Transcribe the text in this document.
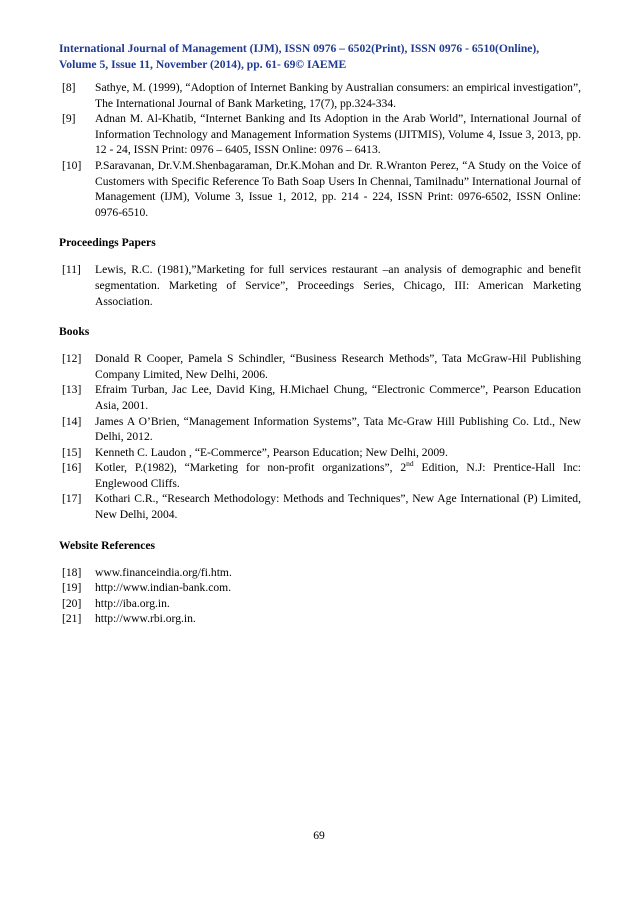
International Journal of Management (IJM), ISSN 0976 – 6502(Print), ISSN 0976 - 6510(Online),
Volume 5, Issue 11, November (2014), pp. 61- 69© IAEME
[8]	Sathye, M. (1999), “Adoption of Internet Banking by Australian consumers: an empirical investigation”, The International Journal of Bank Marketing, 17(7), pp.324-334.
[9]	Adnan M. Al-Khatib, “Internet Banking and Its Adoption in the Arab World”, International Journal of Information Technology and Management Information Systems (IJITMIS), Volume 4, Issue 3, 2013, pp. 12 - 24, ISSN Print: 0976 – 6405, ISSN Online: 0976 – 6413.
[10]	P.Saravanan, Dr.V.M.Shenbagaraman, Dr.K.Mohan and Dr. R.Wranton Perez, “A Study on the Voice of Customers with Specific Reference To Bath Soap Users In Chennai, Tamilnadu” International Journal of Management (IJM), Volume 3, Issue 1, 2012, pp. 214 - 224, ISSN Print: 0976-6502, ISSN Online: 0976-6510.
Proceedings Papers
[11]	Lewis, R.C. (1981),”Marketing for full services restaurant –an analysis of demographic and benefit segmentation. Marketing of Service”, Proceedings Series, Chicago, III: American Marketing Association.
Books
[12]	Donald R Cooper, Pamela S Schindler, “Business Research Methods”, Tata McGraw-Hil Publishing Company Limited, New Delhi, 2006.
[13]	Efraim Turban, Jac Lee, David King, H.Michael Chung, “Electronic Commerce”, Pearson Education Asia, 2001.
[14]	James A O’Brien, “Management Information Systems”, Tata Mc-Graw Hill Publishing Co. Ltd., New Delhi, 2012.
[15]	Kenneth C. Laudon , “E-Commerce”, Pearson Education; New Delhi, 2009.
[16]	Kotler, P.(1982), “Marketing for non-profit organizations”, 2nd Edition, N.J: Prentice-Hall Inc: Englewood Cliffs.
[17]	Kothari C.R., “Research Methodology: Methods and Techniques”, New Age International (P) Limited, New Delhi, 2004.
Website References
[18]	www.financeindia.org/fi.htm.
[19]	http://www.indian-bank.com.
[20]	http://iba.org.in.
[21]	http://www.rbi.org.in.
69
